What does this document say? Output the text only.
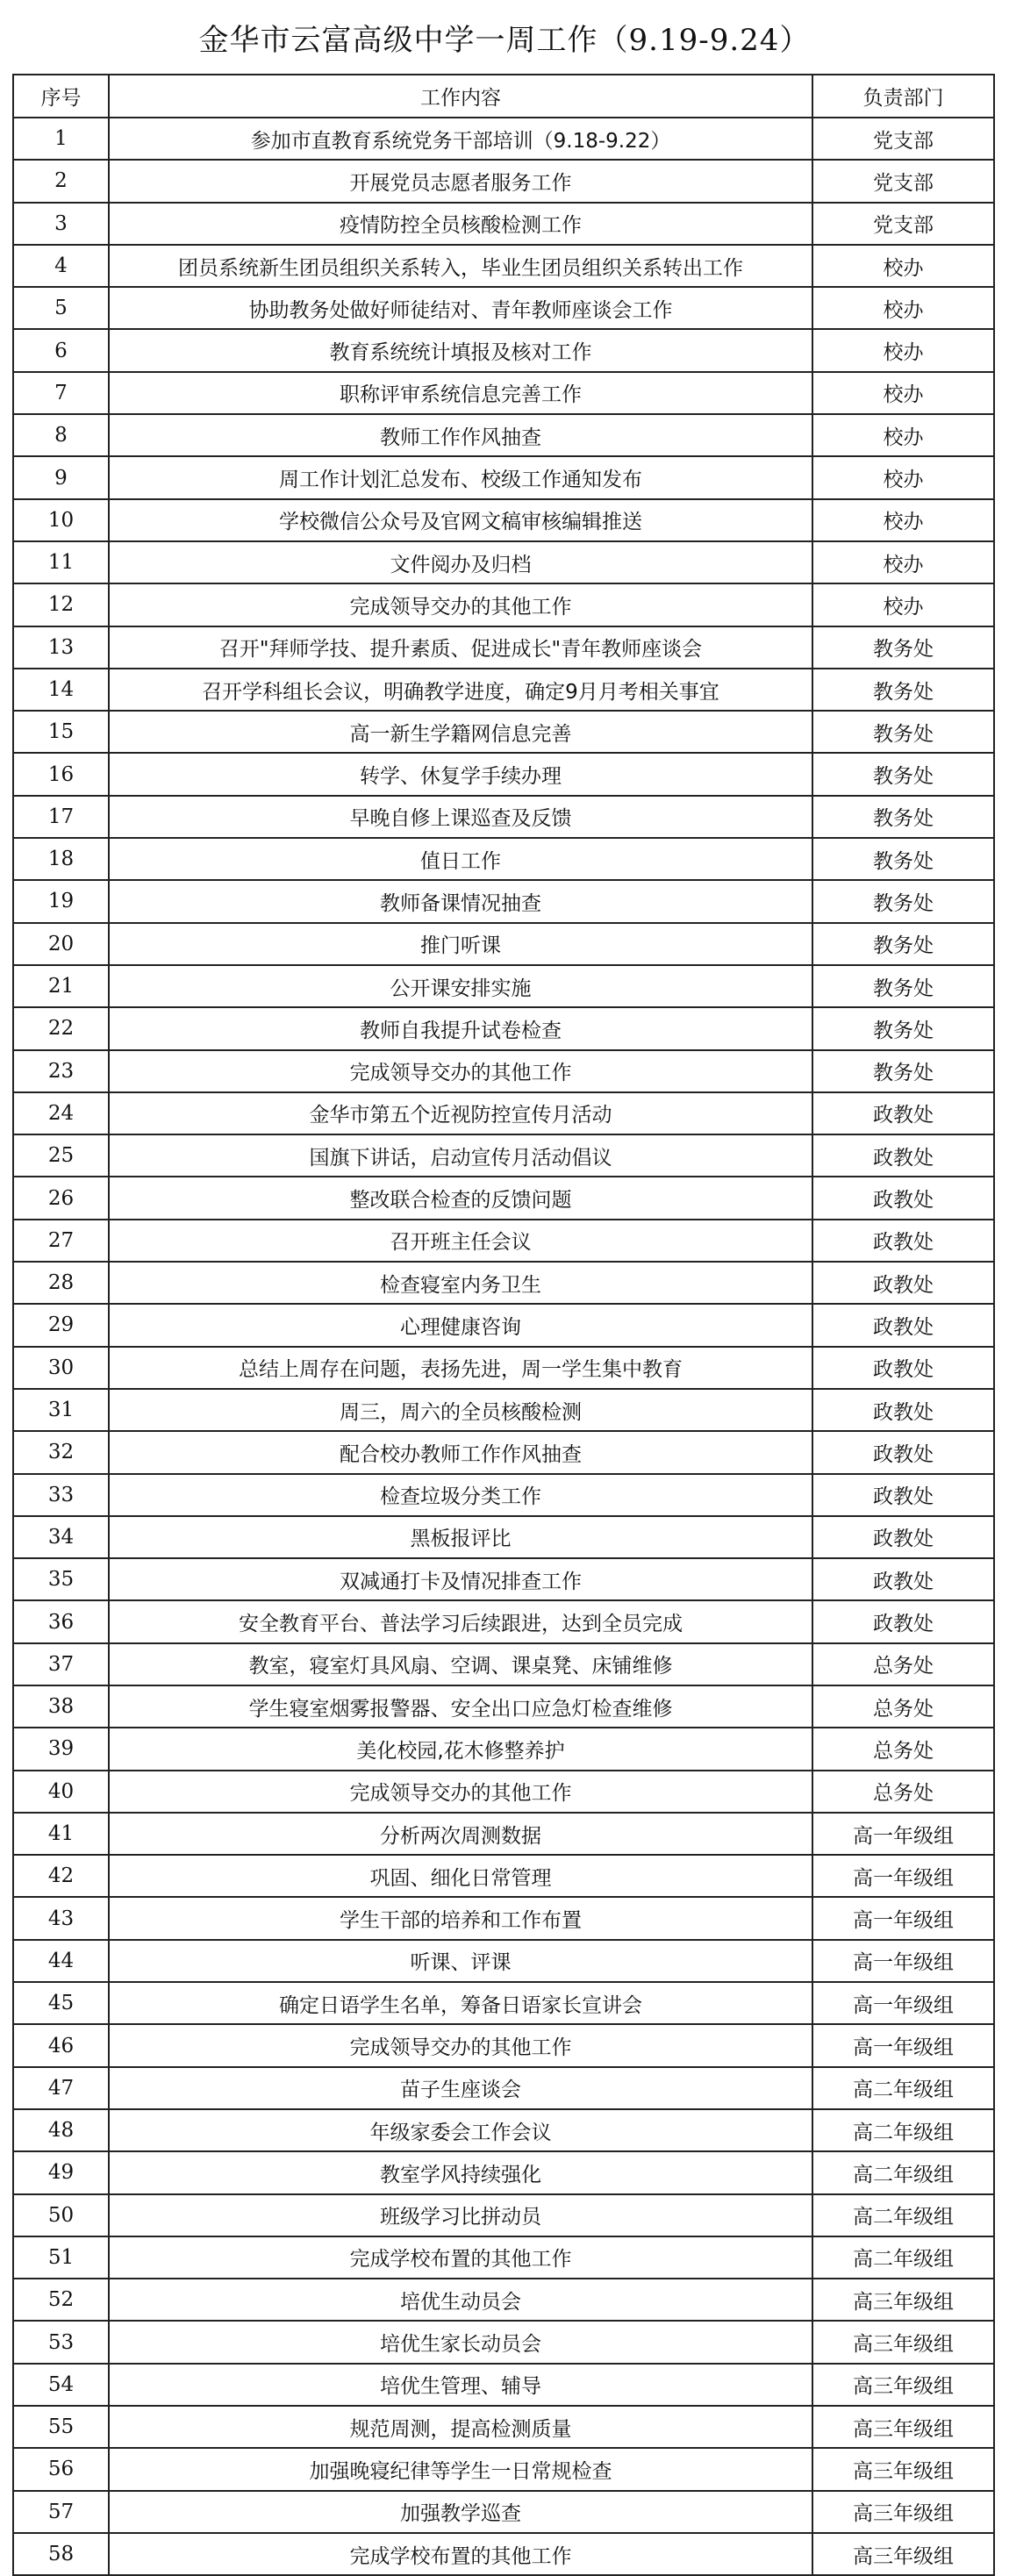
金华市云富高级中学一周工作（9.19-9.24）
序号	工作内容	负责部门
1	参加市直教育系统党务干部培训（9.18-9.22）	党支部
2	开展党员志愿者服务工作	党支部
3	疫情防控全员核酸检测工作	党支部
4	团员系统新生团员组织关系转入，毕业生团员组织关系转出工作	校办
5	协助教务处做好师徒结对、青年教师座谈会工作	校办
6	教育系统统计填报及核对工作	校办
7	职称评审系统信息完善工作	校办
8	教师工作作风抽查	校办
9	周工作计划汇总发布、校级工作通知发布	校办
10	学校微信公众号及官网文稿审核编辑推送	校办
11	文件阅办及归档	校办
12	完成领导交办的其他工作	校办
13	召开"拜师学技、提升素质、促进成长"青年教师座谈会	教务处
14	召开学科组长会议，明确教学进度，确定9月月考相关事宜	教务处
15	高一新生学籍网信息完善	教务处
16	转学、休复学手续办理	教务处
17	早晚自修上课巡查及反馈	教务处
18	值日工作	教务处
19	教师备课情况抽查	教务处
20	推门听课	教务处
21	公开课安排实施	教务处
22	教师自我提升试卷检查	教务处
23	完成领导交办的其他工作	教务处
24	金华市第五个近视防控宣传月活动	政教处
25	国旗下讲话，启动宣传月活动倡议	政教处
26	整改联合检查的反馈问题	政教处
27	召开班主任会议	政教处
28	检查寝室内务卫生	政教处
29	心理健康咨询	政教处
30	总结上周存在问题，表扬先进，周一学生集中教育	政教处
31	周三，周六的全员核酸检测	政教处
32	配合校办教师工作作风抽查	政教处
33	检查垃圾分类工作	政教处
34	黑板报评比	政教处
35	双减通打卡及情况排查工作	政教处
36	安全教育平台、普法学习后续跟进，达到全员完成	政教处
37	教室，寝室灯具风扇、空调、课桌凳、床铺维修	总务处
38	学生寝室烟雾报警器、安全出口应急灯检查维修	总务处
39	美化校园,花木修整养护	总务处
40	完成领导交办的其他工作	总务处
41	分析两次周测数据	高一年级组
42	巩固、细化日常管理	高一年级组
43	学生干部的培养和工作布置	高一年级组
44	听课、评课	高一年级组
45	确定日语学生名单，筹备日语家长宣讲会	高一年级组
46	完成领导交办的其他工作	高一年级组
47	苗子生座谈会	高二年级组
48	年级家委会工作会议	高二年级组
49	教室学风持续强化	高二年级组
50	班级学习比拼动员	高二年级组
51	完成学校布置的其他工作	高二年级组
52	培优生动员会	高三年级组
53	培优生家长动员会	高三年级组
54	培优生管理、辅导	高三年级组
55	规范周测，提高检测质量	高三年级组
56	加强晚寝纪律等学生一日常规检查	高三年级组
57	加强教学巡查	高三年级组
58	完成学校布置的其他工作	高三年级组
